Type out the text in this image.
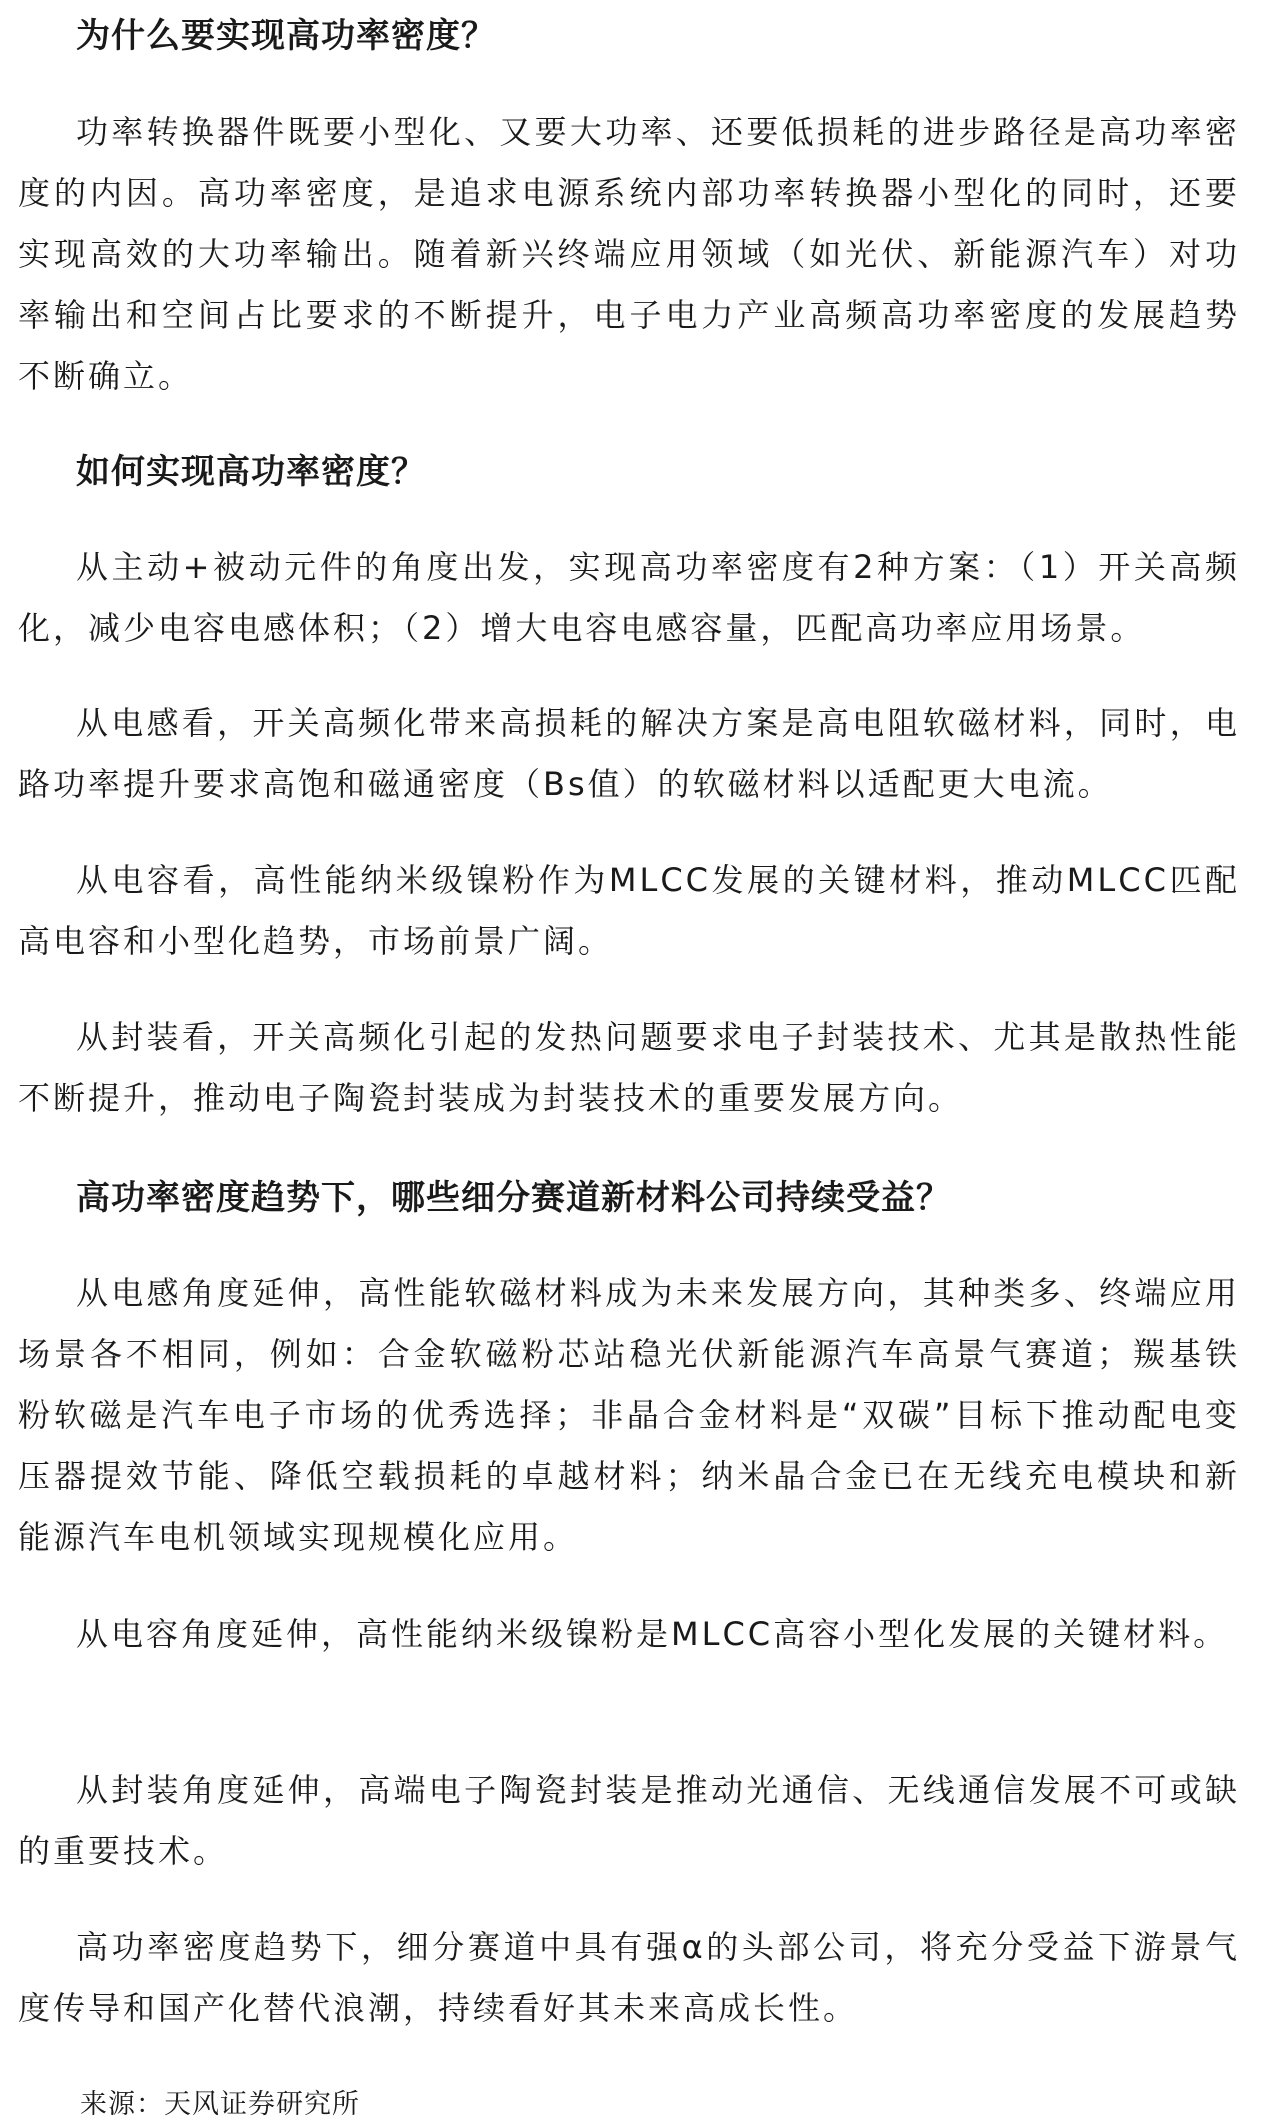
为什么要实现高功率密度？

功率转换器件既要小型化、又要大功率、还要低损耗的进步路径是高功率密度的内因。高功率密度，是追求电源系统内部功率转换器小型化的同时，还要实现高效的大功率输出。随着新兴终端应用领域（如光伏、新能源汽车）对功率输出和空间占比要求的不断提升，电子电力产业高频高功率密度的发展趋势不断确立。

如何实现高功率密度？

从主动+被动元件的角度出发，实现高功率密度有2种方案：（1）开关高频化，减少电容电感体积；（2）增大电容电感容量，匹配高功率应用场景。

从电感看，开关高频化带来高损耗的解决方案是高电阻软磁材料，同时，电路功率提升要求高饱和磁通密度（Bs值）的软磁材料以适配更大电流。

从电容看，高性能纳米级镍粉作为MLCC发展的关键材料，推动MLCC匹配高电容和小型化趋势，市场前景广阔。

从封装看，开关高频化引起的发热问题要求电子封装技术、尤其是散热性能不断提升，推动电子陶瓷封装成为封装技术的重要发展方向。

高功率密度趋势下，哪些细分赛道新材料公司持续受益？

从电感角度延伸，高性能软磁材料成为未来发展方向，其种类多、终端应用场景各不相同，例如：合金软磁粉芯站稳光伏新能源汽车高景气赛道；羰基铁粉软磁是汽车电子市场的优秀选择；非晶合金材料是“双碳”目标下推动配电变压器提效节能、降低空载损耗的卓越材料；纳米晶合金已在无线充电模块和新能源汽车电机领域实现规模化应用。

从电容角度延伸，高性能纳米级镍粉是MLCC高容小型化发展的关键材料。

从封装角度延伸，高端电子陶瓷封装是推动光通信、无线通信发展不可或缺的重要技术。

高功率密度趋势下，细分赛道中具有强α的头部公司，将充分受益下游景气度传导和国产化替代浪潮，持续看好其未来高成长性。

来源：天风证券研究所
